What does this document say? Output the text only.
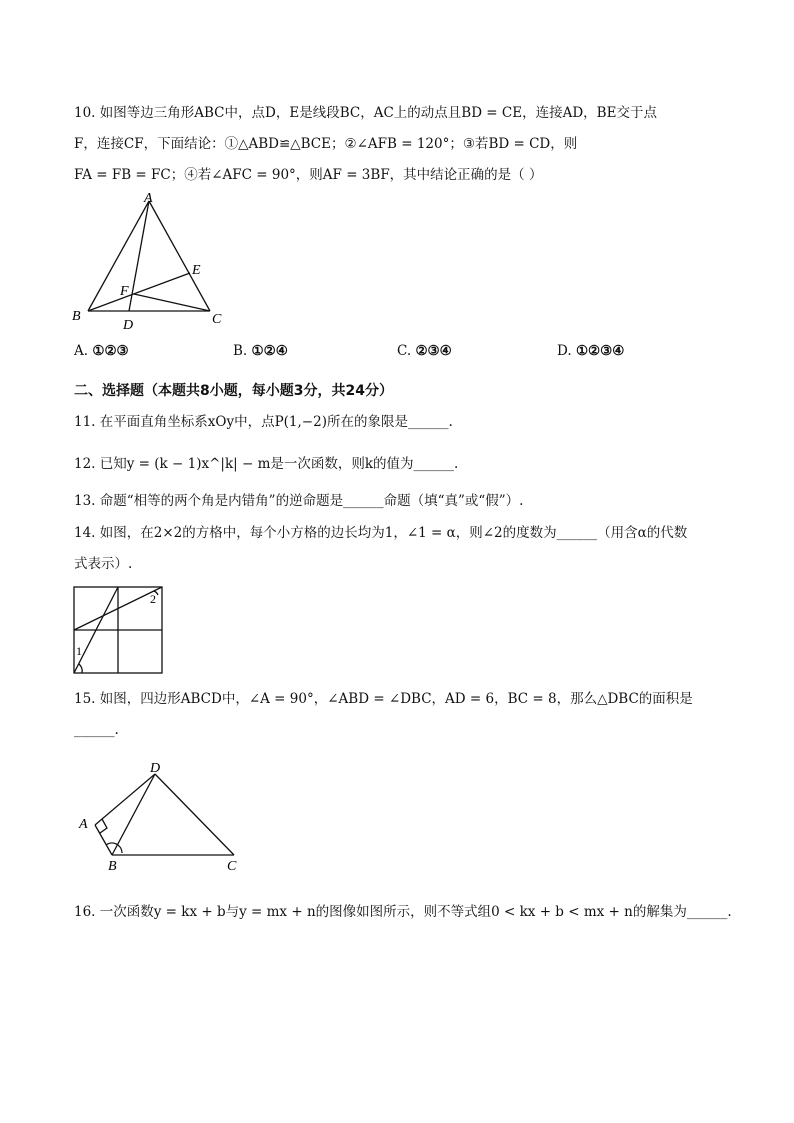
10. 如图等边三角形ABC中，点D，E是线段BC，AC上的动点且BD = CE，连接AD，BE交于点
F，连接CF，下面结论：①△ABD≌△BCE；②∠AFB = 120°；③若BD = CD，则
FA = FB = FC；④若∠AFC = 90°，则AF = 3BF，其中结论正确的是（ ）
A
B	C
D
E
F
A. ①②③	B. ①②④	C. ②③④	D. ①②③④
二、选择题（本题共8小题，每小题3分，共24分）
11. 在平面直角坐标系xOy中，点P(1,−2)所在的象限是______.
12. 已知y = (k − 1)x^|k| − m是一次函数，则k的值为______.
13. 命题“相等的两个角是内错角”的逆命题是______命题（填“真”或“假”）.
14. 如图，在2×2的方格中，每个小方格的边长均为1，∠1 = α，则∠2的度数为______（用含α的代数
式表示）.
1
2
15. 如图，四边形ABCD中，∠A = 90°，∠ABD = ∠DBC，AD = 6，BC = 8，那么△DBC的面积是
______.
D
A
B	C
16. 一次函数y = kx + b与y = mx + n的图像如图所示，则不等式组0 < kx + b < mx + n的解集为______.
